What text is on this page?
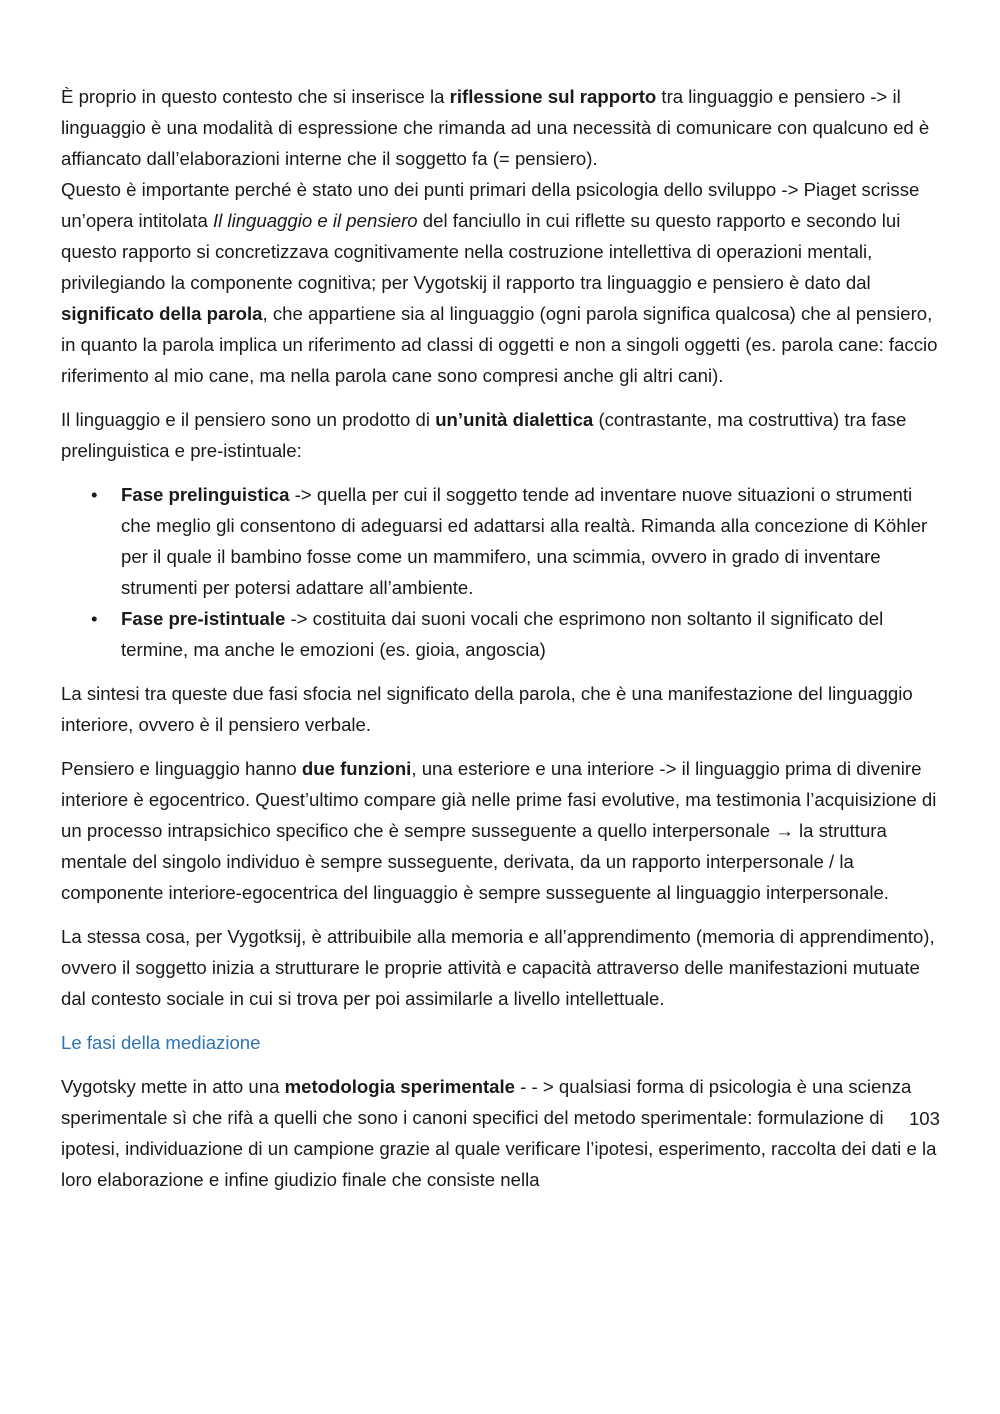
È proprio in questo contesto che si inserisce la riflessione sul rapporto tra linguaggio e pensiero -> il linguaggio è una modalità di espressione che rimanda ad una necessità di comunicare con qualcuno ed è affiancato dall’elaborazioni interne che il soggetto fa (= pensiero).

Questo è importante perché è stato uno dei punti primari della psicologia dello sviluppo -> Piaget scrisse un’opera intitolata Il linguaggio e il pensiero del fanciullo in cui riflette su questo rapporto e secondo lui questo rapporto si concretizzava cognitivamente nella costruzione intellettiva di operazioni mentali, privilegiando la componente cognitiva; per Vygotskij il rapporto tra linguaggio e pensiero è dato dal significato della parola, che appartiene sia al linguaggio (ogni parola significa qualcosa) che al pensiero, in quanto la parola implica un riferimento ad classi di oggetti e non a singoli oggetti (es. parola cane: faccio riferimento al mio cane, ma nella parola cane sono compresi anche gli altri cani).

Il linguaggio e il pensiero sono un prodotto di un’unità dialettica (contrastante, ma costruttiva) tra fase prelinguistica e pre-istintuale:

• Fase prelinguistica -> quella per cui il soggetto tende ad inventare nuove situazioni o strumenti che meglio gli consentono di adeguarsi ed adattarsi alla realtà. Rimanda alla concezione di Köhler per il quale il bambino fosse come un mammifero, una scimmia, ovvero in grado di inventare strumenti per potersi adattare all’ambiente.
• Fase pre-istintuale -> costituita dai suoni vocali che esprimono non soltanto il significato del termine, ma anche le emozioni (es. gioia, angoscia)

La sintesi tra queste due fasi sfocia nel significato della parola, che è una manifestazione del linguaggio interiore, ovvero è il pensiero verbale.

Pensiero e linguaggio hanno due funzioni, una esteriore e una interiore -> il linguaggio prima di divenire interiore è egocentrico. Quest’ultimo compare già nelle prime fasi evolutive, ma testimonia l’acquisizione di un processo intrapsichico specifico che è sempre susseguente a quello interpersonale → la struttura mentale del singolo individuo è sempre susseguente, derivata, da un rapporto interpersonale / la componente interiore-egocentrica del linguaggio è sempre susseguente al linguaggio interpersonale.

La stessa cosa, per Vygotksij, è attribuibile alla memoria e all’apprendimento (memoria di apprendimento), ovvero il soggetto inizia a strutturare le proprie attività e capacità attraverso delle manifestazioni mutuate dal contesto sociale in cui si trova per poi assimilarle a livello intellettuale.

Le fasi della mediazione

Vygotsky mette in atto una metodologia sperimentale - - > qualsiasi forma di psicologia è una scienza sperimentale sì che rifà a quelli che sono i canoni specifici del metodo sperimentale: formulazione di ipotesi, individuazione di un campione grazie al quale verificare l’ipotesi, esperimento, raccolta dei dati e la loro elaborazione e infine giudizio finale che consiste nella

103
